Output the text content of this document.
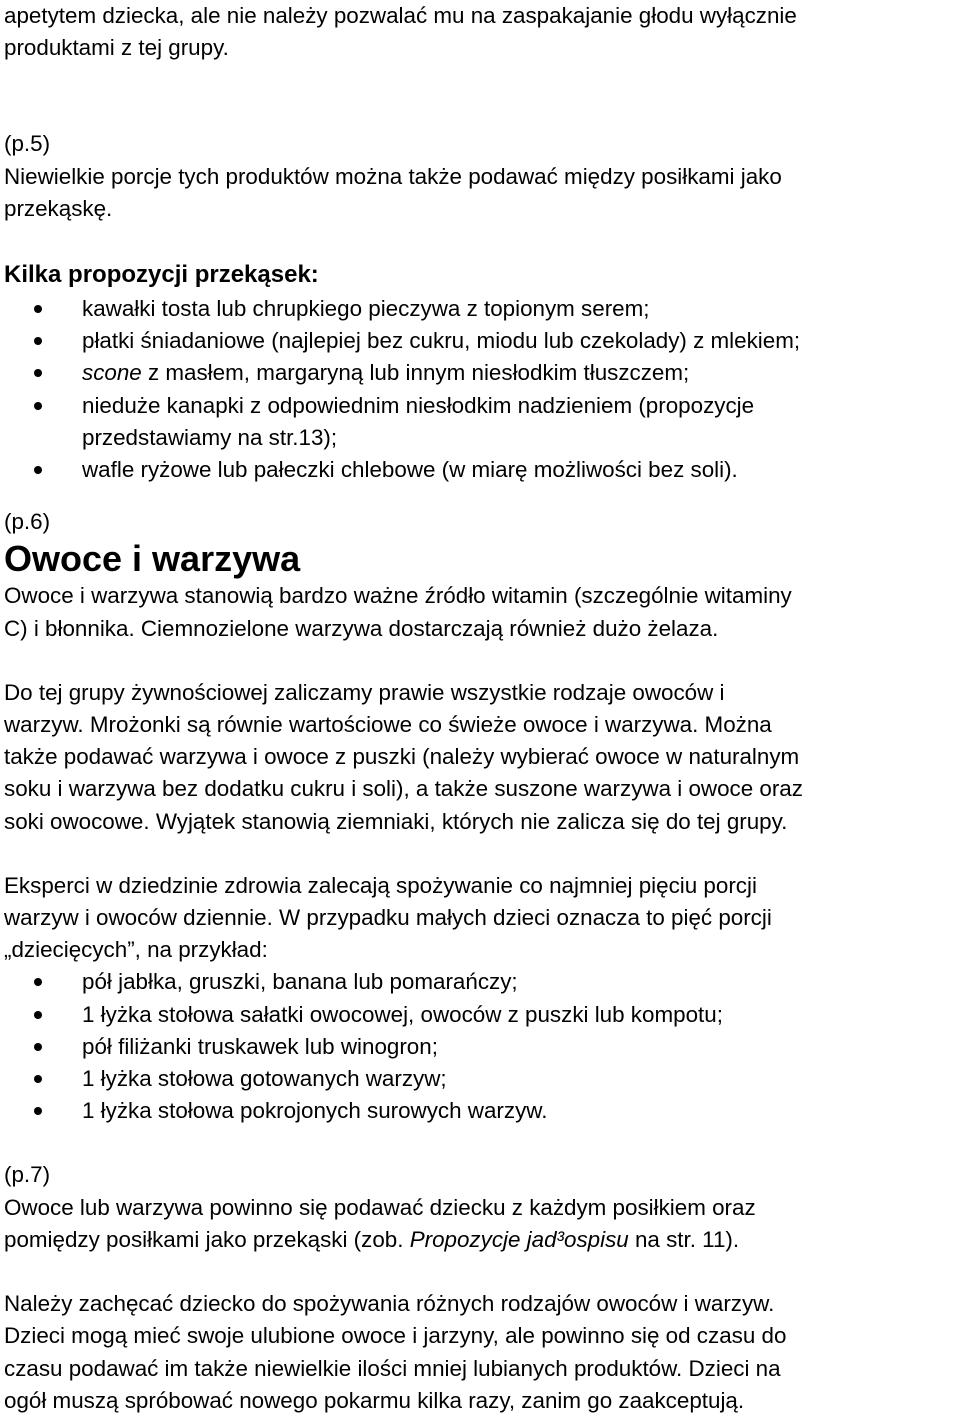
apetytem dziecka, ale nie należy pozwalać mu na zaspakajanie głodu wyłącznie

produktami z tej grupy.

(p.5)

Niewielkie porcje tych produktów można także podawać między posiłkami jako

przekąskę.

Kilka propozycji przekąsek:

kawałki tosta lub chrupkiego pieczywa z topionym serem;
płatki śniadaniowe (najlepiej bez cukru, miodu lub czekolady) z mlekiem;
scone z masłem, margaryną lub innym niesłodkim tłuszczem;
nieduże kanapki z odpowiednim niesłodkim nadzieniem (propozycje
przedstawiamy na str.13);
wafle ryżowe lub pałeczki chlebowe (w miarę możliwości bez soli).

(p.6)

Owoce i warzywa

Owoce i warzywa stanowią bardzo ważne źródło witamin (szczególnie witaminy

C) i błonnika. Ciemnozielone warzywa dostarczają również dużo żelaza.

Do tej grupy żywnościowej zaliczamy prawie wszystkie rodzaje owoców i

warzyw. Mrożonki są równie wartościowe co świeże owoce i warzywa. Można

także podawać warzywa i owoce z puszki (należy wybierać owoce w naturalnym

soku i warzywa bez dodatku cukru i soli), a także suszone warzywa i owoce oraz

soki owocowe. Wyjątek stanowią ziemniaki, których nie zalicza się do tej grupy.

Eksperci w dziedzinie zdrowia zalecają spożywanie co najmniej pięciu porcji

warzyw i owoców dziennie. W przypadku małych dzieci oznacza to pięć porcji

„dziecięcych”, na przykład:

pół jabłka, gruszki, banana lub pomarańczy;
1 łyżka stołowa sałatki owocowej, owoców z puszki lub kompotu;
pół filiżanki truskawek lub winogron;
1 łyżka stołowa gotowanych warzyw;
1 łyżka stołowa pokrojonych surowych warzyw.

(p.7)

Owoce lub warzywa powinno się podawać dziecku z każdym posiłkiem oraz

pomiędzy posiłkami jako przekąski (zob. Propozycje jad³ospisu na str. 11).

Należy zachęcać dziecko do spożywania różnych rodzajów owoców i warzyw.

Dzieci mogą mieć swoje ulubione owoce i jarzyny, ale powinno się od czasu do

czasu podawać im także niewielkie ilości mniej lubianych produktów. Dzieci na

ogół muszą spróbować nowego pokarmu kilka razy, zanim go zaakceptują.
